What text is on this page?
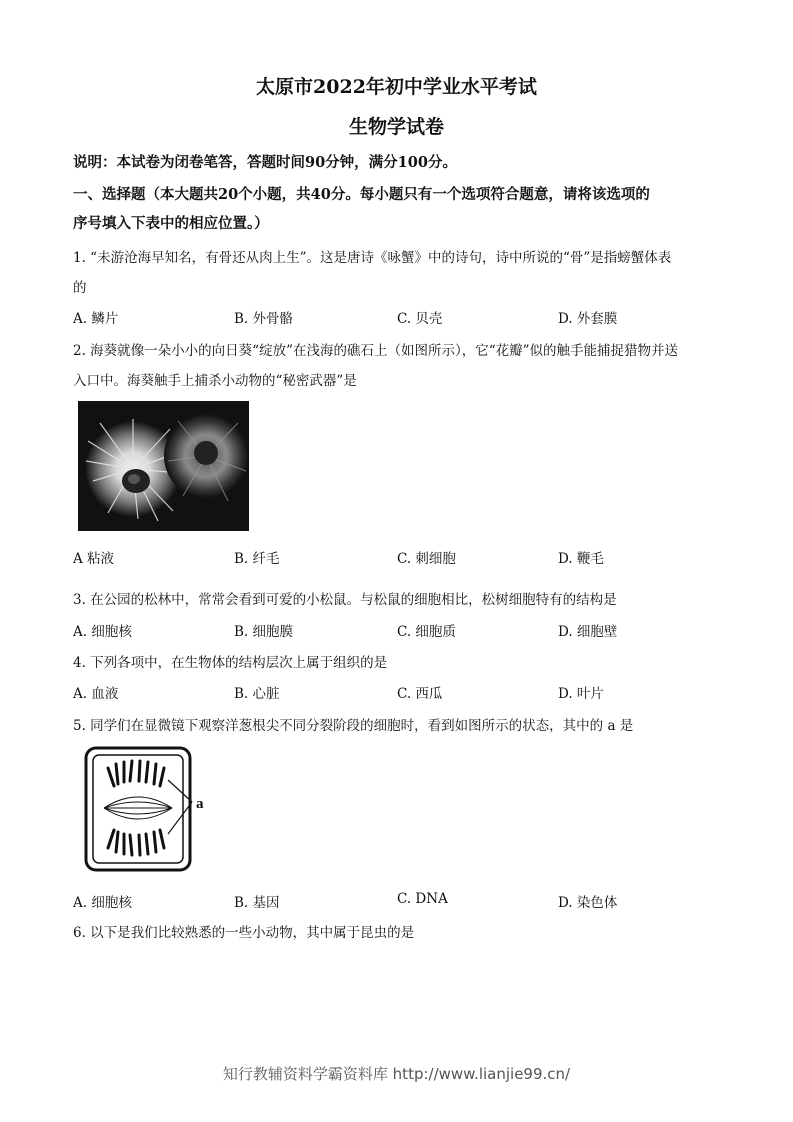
太原市2022年初中学业水平考试
生物学试卷
说明：本试卷为闭卷笔答，答题时间90分钟，满分100分。
一、选择题（本大题共20个小题，共40分。每小题只有一个选项符合题意，请将该选项的
序号填入下表中的相应位置。）
1. “未游沧海早知名，有骨还从肉上生”。这是唐诗《咏蟹》中的诗句，诗中所说的“骨”是指螃蟹体表
的
A. 鳞片	B. 外骨骼	C. 贝壳	D. 外套膜
2. 海葵就像一朵小小的向日葵“绽放”在浅海的礁石上（如图所示），它“花瓣”似的触手能捕捉猎物并送
入口中。海葵触手上捕杀小动物的“秘密武器”是
A 粘液	B. 纤毛	C. 刺细胞	D. 鞭毛
3. 在公园的松林中，常常会看到可爱的小松鼠。与松鼠的细胞相比，松树细胞特有的结构是
A. 细胞核	B. 细胞膜	C. 细胞质	D. 细胞壁
4. 下列各项中，在生物体的结构层次上属于组织的是
A. 血液	B. 心脏	C. 西瓜	D. 叶片
5. 同学们在显微镜下观察洋葱根尖不同分裂阶段的细胞时，看到如图所示的状态，其中的 a 是
a
A. 细胞核	B. 基因	C. DNA	D. 染色体
6. 以下是我们比较熟悉的一些小动物，其中属于昆虫的是
知行教辅资料学霸资料库 http://www.lianjie99.cn/
